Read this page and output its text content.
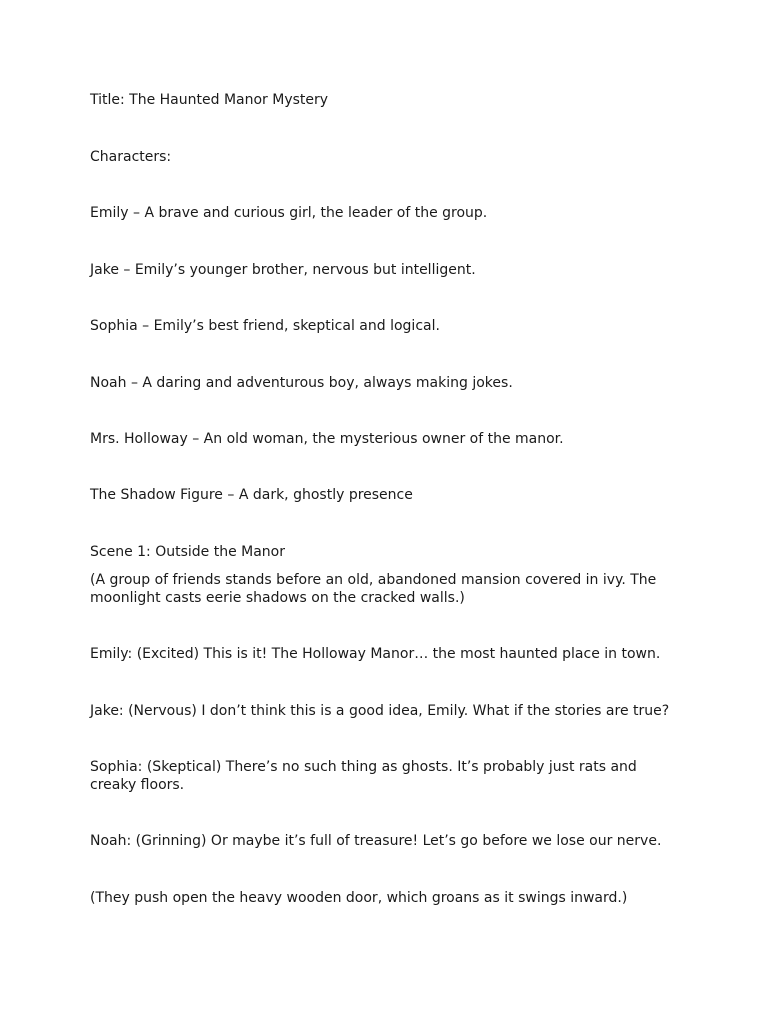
Title: The Haunted Manor Mystery

Characters:

Emily – A brave and curious girl, the leader of the group.

Jake – Emily’s younger brother, nervous but intelligent.

Sophia – Emily’s best friend, skeptical and logical.

Noah – A daring and adventurous boy, always making jokes.

Mrs. Holloway – An old woman, the mysterious owner of the manor.

The Shadow Figure – A dark, ghostly presence

Scene 1: Outside the Manor

(A group of friends stands before an old, abandoned mansion covered in ivy. The moonlight casts eerie shadows on the cracked walls.)

Emily: (Excited) This is it! The Holloway Manor… the most haunted place in town.

Jake: (Nervous) I don’t think this is a good idea, Emily. What if the stories are true?

Sophia: (Skeptical) There’s no such thing as ghosts. It’s probably just rats and creaky floors.

Noah: (Grinning) Or maybe it’s full of treasure! Let’s go before we lose our nerve.

(They push open the heavy wooden door, which groans as it swings inward.)
